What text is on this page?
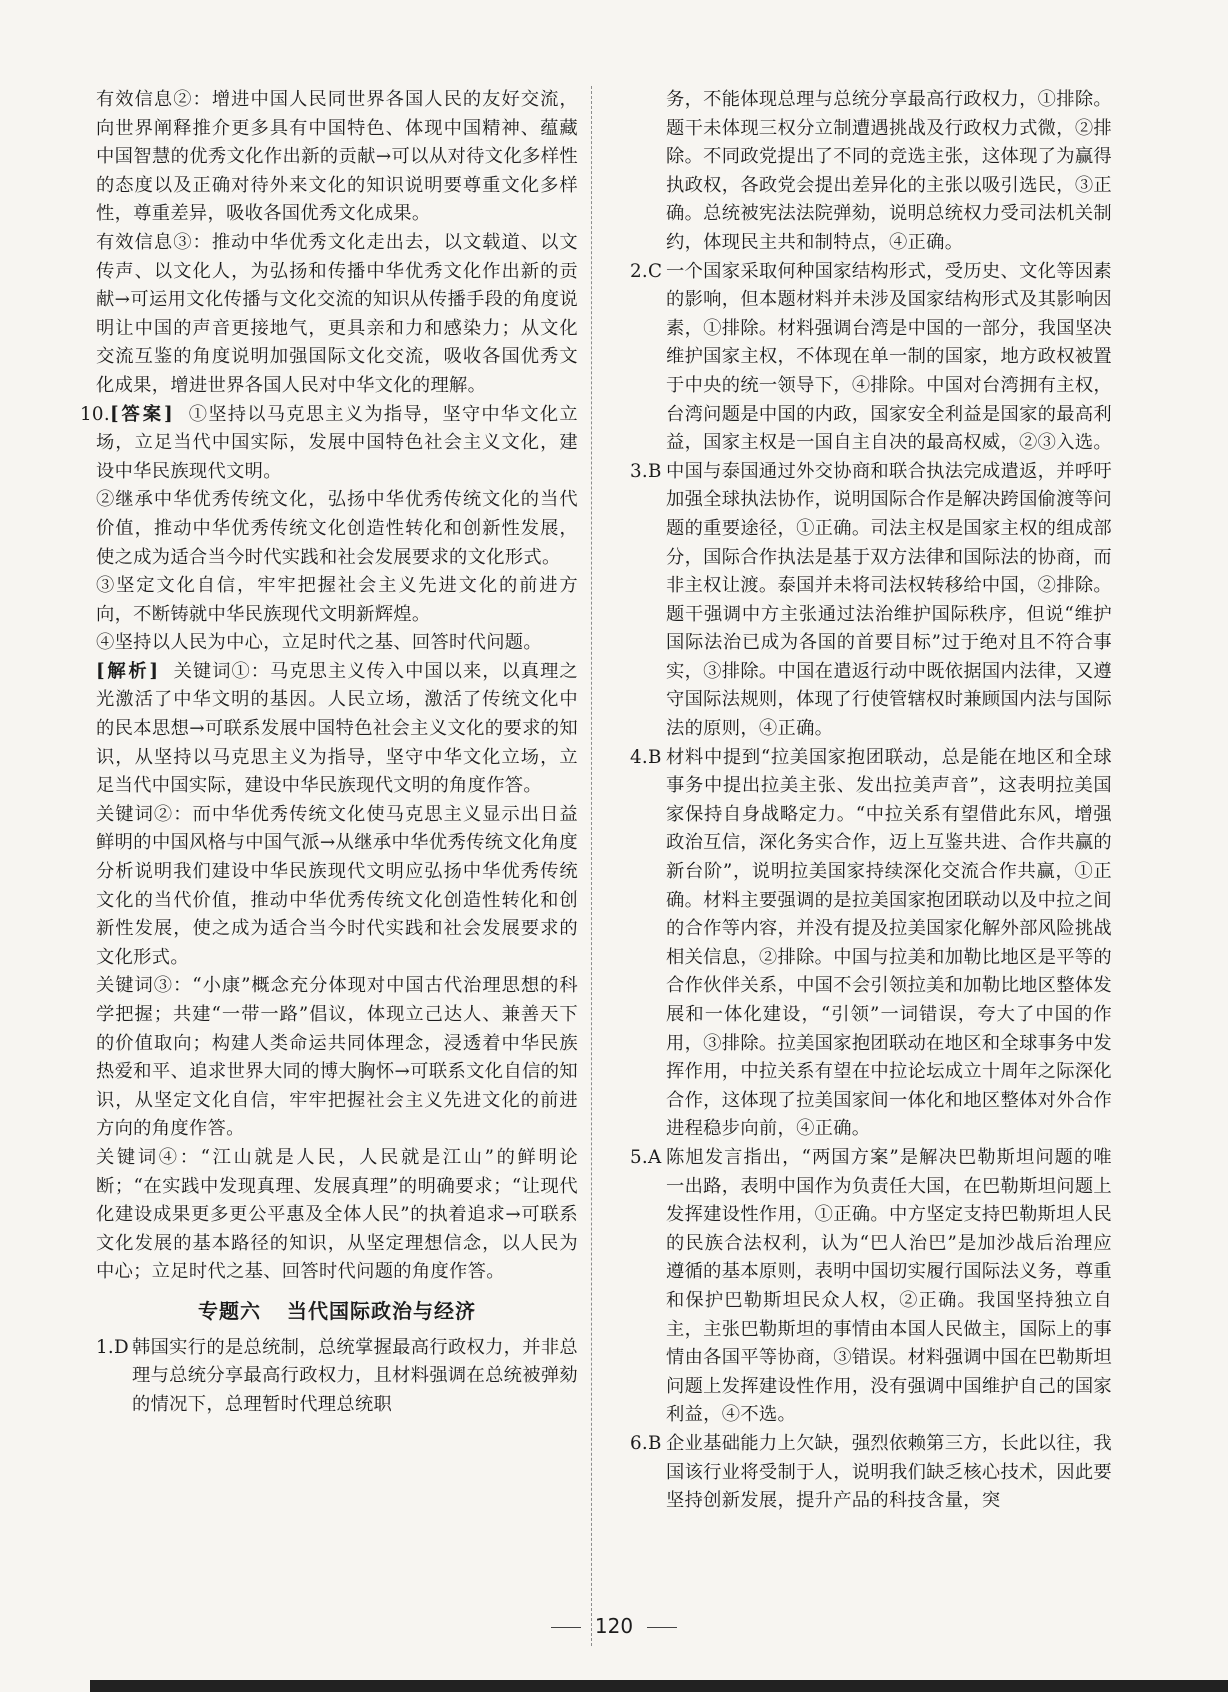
有效信息②：增进中国人民同世界各国人民的友好交流，向世界阐释推介更多具有中国特色、体现中国精神、蕴藏中国智慧的优秀文化作出新的贡献→可以从对待文化多样性的态度以及正确对待外来文化的知识说明要尊重文化多样性，尊重差异，吸收各国优秀文化成果。

有效信息③：推动中华优秀文化走出去，以文载道、以文传声、以文化人，为弘扬和传播中华优秀文化作出新的贡献→可运用文化传播与文化交流的知识从传播手段的角度说明让中国的声音更接地气，更具亲和力和感染力；从文化交流互鉴的角度说明加强国际文化交流，吸收各国优秀文化成果，增进世界各国人民对中华文化的理解。

10.[答案] ①坚持以马克思主义为指导，坚守中华文化立场，立足当代中国实际，发展中国特色社会主义文化，建设中华民族现代文明。

②继承中华优秀传统文化，弘扬中华优秀传统文化的当代价值，推动中华优秀传统文化创造性转化和创新性发展，使之成为适合当今时代实践和社会发展要求的文化形式。

③坚定文化自信，牢牢把握社会主义先进文化的前进方向，不断铸就中华民族现代文明新辉煌。

④坚持以人民为中心，立足时代之基、回答时代问题。

[解析] 关键词①：马克思主义传入中国以来，以真理之光激活了中华文明的基因。人民立场，激活了传统文化中的民本思想→可联系发展中国特色社会主义文化的要求的知识，从坚持以马克思主义为指导，坚守中华文化立场，立足当代中国实际，建设中华民族现代文明的角度作答。

关键词②：而中华优秀传统文化使马克思主义显示出日益鲜明的中国风格与中国气派→从继承中华优秀传统文化角度分析说明我们建设中华民族现代文明应弘扬中华优秀传统文化的当代价值，推动中华优秀传统文化创造性转化和创新性发展，使之成为适合当今时代实践和社会发展要求的文化形式。

关键词③：“小康”概念充分体现对中国古代治理思想的科学把握；共建“一带一路”倡议，体现立己达人、兼善天下的价值取向；构建人类命运共同体理念，浸透着中华民族热爱和平、追求世界大同的博大胸怀→可联系文化自信的知识，从坚定文化自信，牢牢把握社会主义先进文化的前进方向的角度作答。

关键词④：“江山就是人民，人民就是江山”的鲜明论断；“在实践中发现真理、发展真理”的明确要求；“让现代化建设成果更多更公平惠及全体人民”的执着追求→可联系文化发展的基本路径的知识，从坚定理想信念，以人民为中心；立足时代之基、回答时代问题的角度作答。

专题六 当代国际政治与经济

1.D 韩国实行的是总统制，总统掌握最高行政权力，并非总理与总统分享最高行政权力，且材料强调在总统被弹劾的情况下，总理暂时代理总统职

务，不能体现总理与总统分享最高行政权力，①排除。题干未体现三权分立制遭遇挑战及行政权力式微，②排除。不同政党提出了不同的竞选主张，这体现了为赢得执政权，各政党会提出差异化的主张以吸引选民，③正确。总统被宪法法院弹劾，说明总统权力受司法机关制约，体现民主共和制特点，④正确。

2.C 一个国家采取何种国家结构形式，受历史、文化等因素的影响，但本题材料并未涉及国家结构形式及其影响因素，①排除。材料强调台湾是中国的一部分，我国坚决维护国家主权，不体现在单一制的国家，地方政权被置于中央的统一领导下，④排除。中国对台湾拥有主权，台湾问题是中国的内政，国家安全利益是国家的最高利益，国家主权是一国自主自决的最高权威，②③入选。

3.B 中国与泰国通过外交协商和联合执法完成遣返，并呼吁加强全球执法协作，说明国际合作是解决跨国偷渡等问题的重要途径，①正确。司法主权是国家主权的组成部分，国际合作执法是基于双方法律和国际法的协商，而非主权让渡。泰国并未将司法权转移给中国，②排除。题干强调中方主张通过法治维护国际秩序，但说“维护国际法治已成为各国的首要目标”过于绝对且不符合事实，③排除。中国在遣返行动中既依据国内法律，又遵守国际法规则，体现了行使管辖权时兼顾国内法与国际法的原则，④正确。

4.B 材料中提到“拉美国家抱团联动，总是能在地区和全球事务中提出拉美主张、发出拉美声音”，这表明拉美国家保持自身战略定力。“中拉关系有望借此东风，增强政治互信，深化务实合作，迈上互鉴共进、合作共赢的新台阶”，说明拉美国家持续深化交流合作共赢，①正确。材料主要强调的是拉美国家抱团联动以及中拉之间的合作等内容，并没有提及拉美国家化解外部风险挑战相关信息，②排除。中国与拉美和加勒比地区是平等的合作伙伴关系，中国不会引领拉美和加勒比地区整体发展和一体化建设，“引领”一词错误，夸大了中国的作用，③排除。拉美国家抱团联动在地区和全球事务中发挥作用，中拉关系有望在中拉论坛成立十周年之际深化合作，这体现了拉美国家间一体化和地区整体对外合作进程稳步向前，④正确。

5.A 陈旭发言指出，“两国方案”是解决巴勒斯坦问题的唯一出路，表明中国作为负责任大国，在巴勒斯坦问题上发挥建设性作用，①正确。中方坚定支持巴勒斯坦人民的民族合法权利，认为“巴人治巴”是加沙战后治理应遵循的基本原则，表明中国切实履行国际法义务，尊重和保护巴勒斯坦民众人权，②正确。我国坚持独立自主，主张巴勒斯坦的事情由本国人民做主，国际上的事情由各国平等协商，③错误。材料强调中国在巴勒斯坦问题上发挥建设性作用，没有强调中国维护自己的国家利益，④不选。

6.B 企业基础能力上欠缺，强烈依赖第三方，长此以往，我国该行业将受制于人，说明我们缺乏核心技术，因此要坚持创新发展，提升产品的科技含量，突

120
